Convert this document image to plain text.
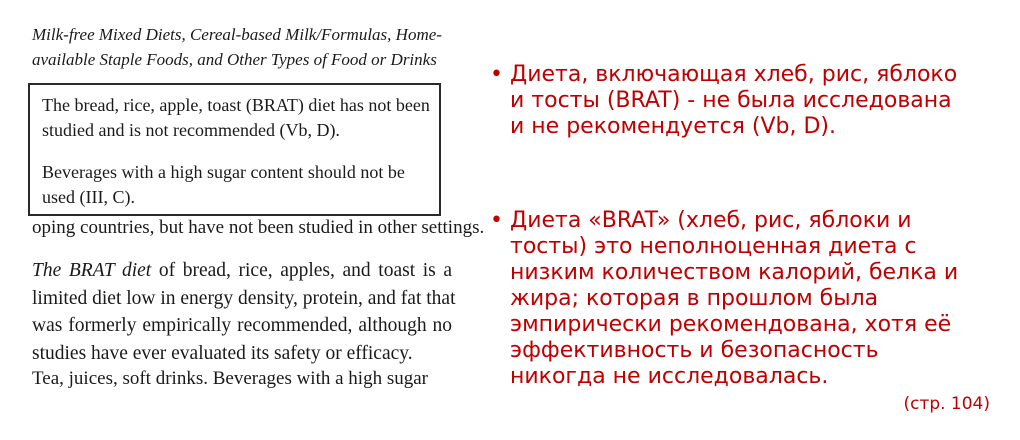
Milk-free Mixed Diets, Cereal-based Milk/Formulas, Home-
available Staple Foods, and Other Types of Food or Drinks
The bread, rice, apple, toast (BRAT) diet has not been studied and is not recommended (Vb, D).
Beverages with a high sugar content should not be used (III, C).
oping countries, but have not been studied in other settings.
The BRAT diet of bread, rice, apples, and toast is a
limited diet low in energy density, protein, and fat that
was formerly empirically recommended, although no
studies have ever evaluated its safety or efficacy.
Tea, juices, soft drinks. Beverages with a high sugar
• Диета, включающая хлеб, рис, яблоко и тосты (BRAT) - не была исследована и не рекомендуется (Vb, D).
• Диета «BRAT» (хлеб, рис, яблоки и тосты) это неполноценная диета с низким количеством калорий, белка и жира; которая в прошлом была эмпирически рекомендована, хотя её эффективность и безопасность никогда не исследовалась.
(стр. 104)
